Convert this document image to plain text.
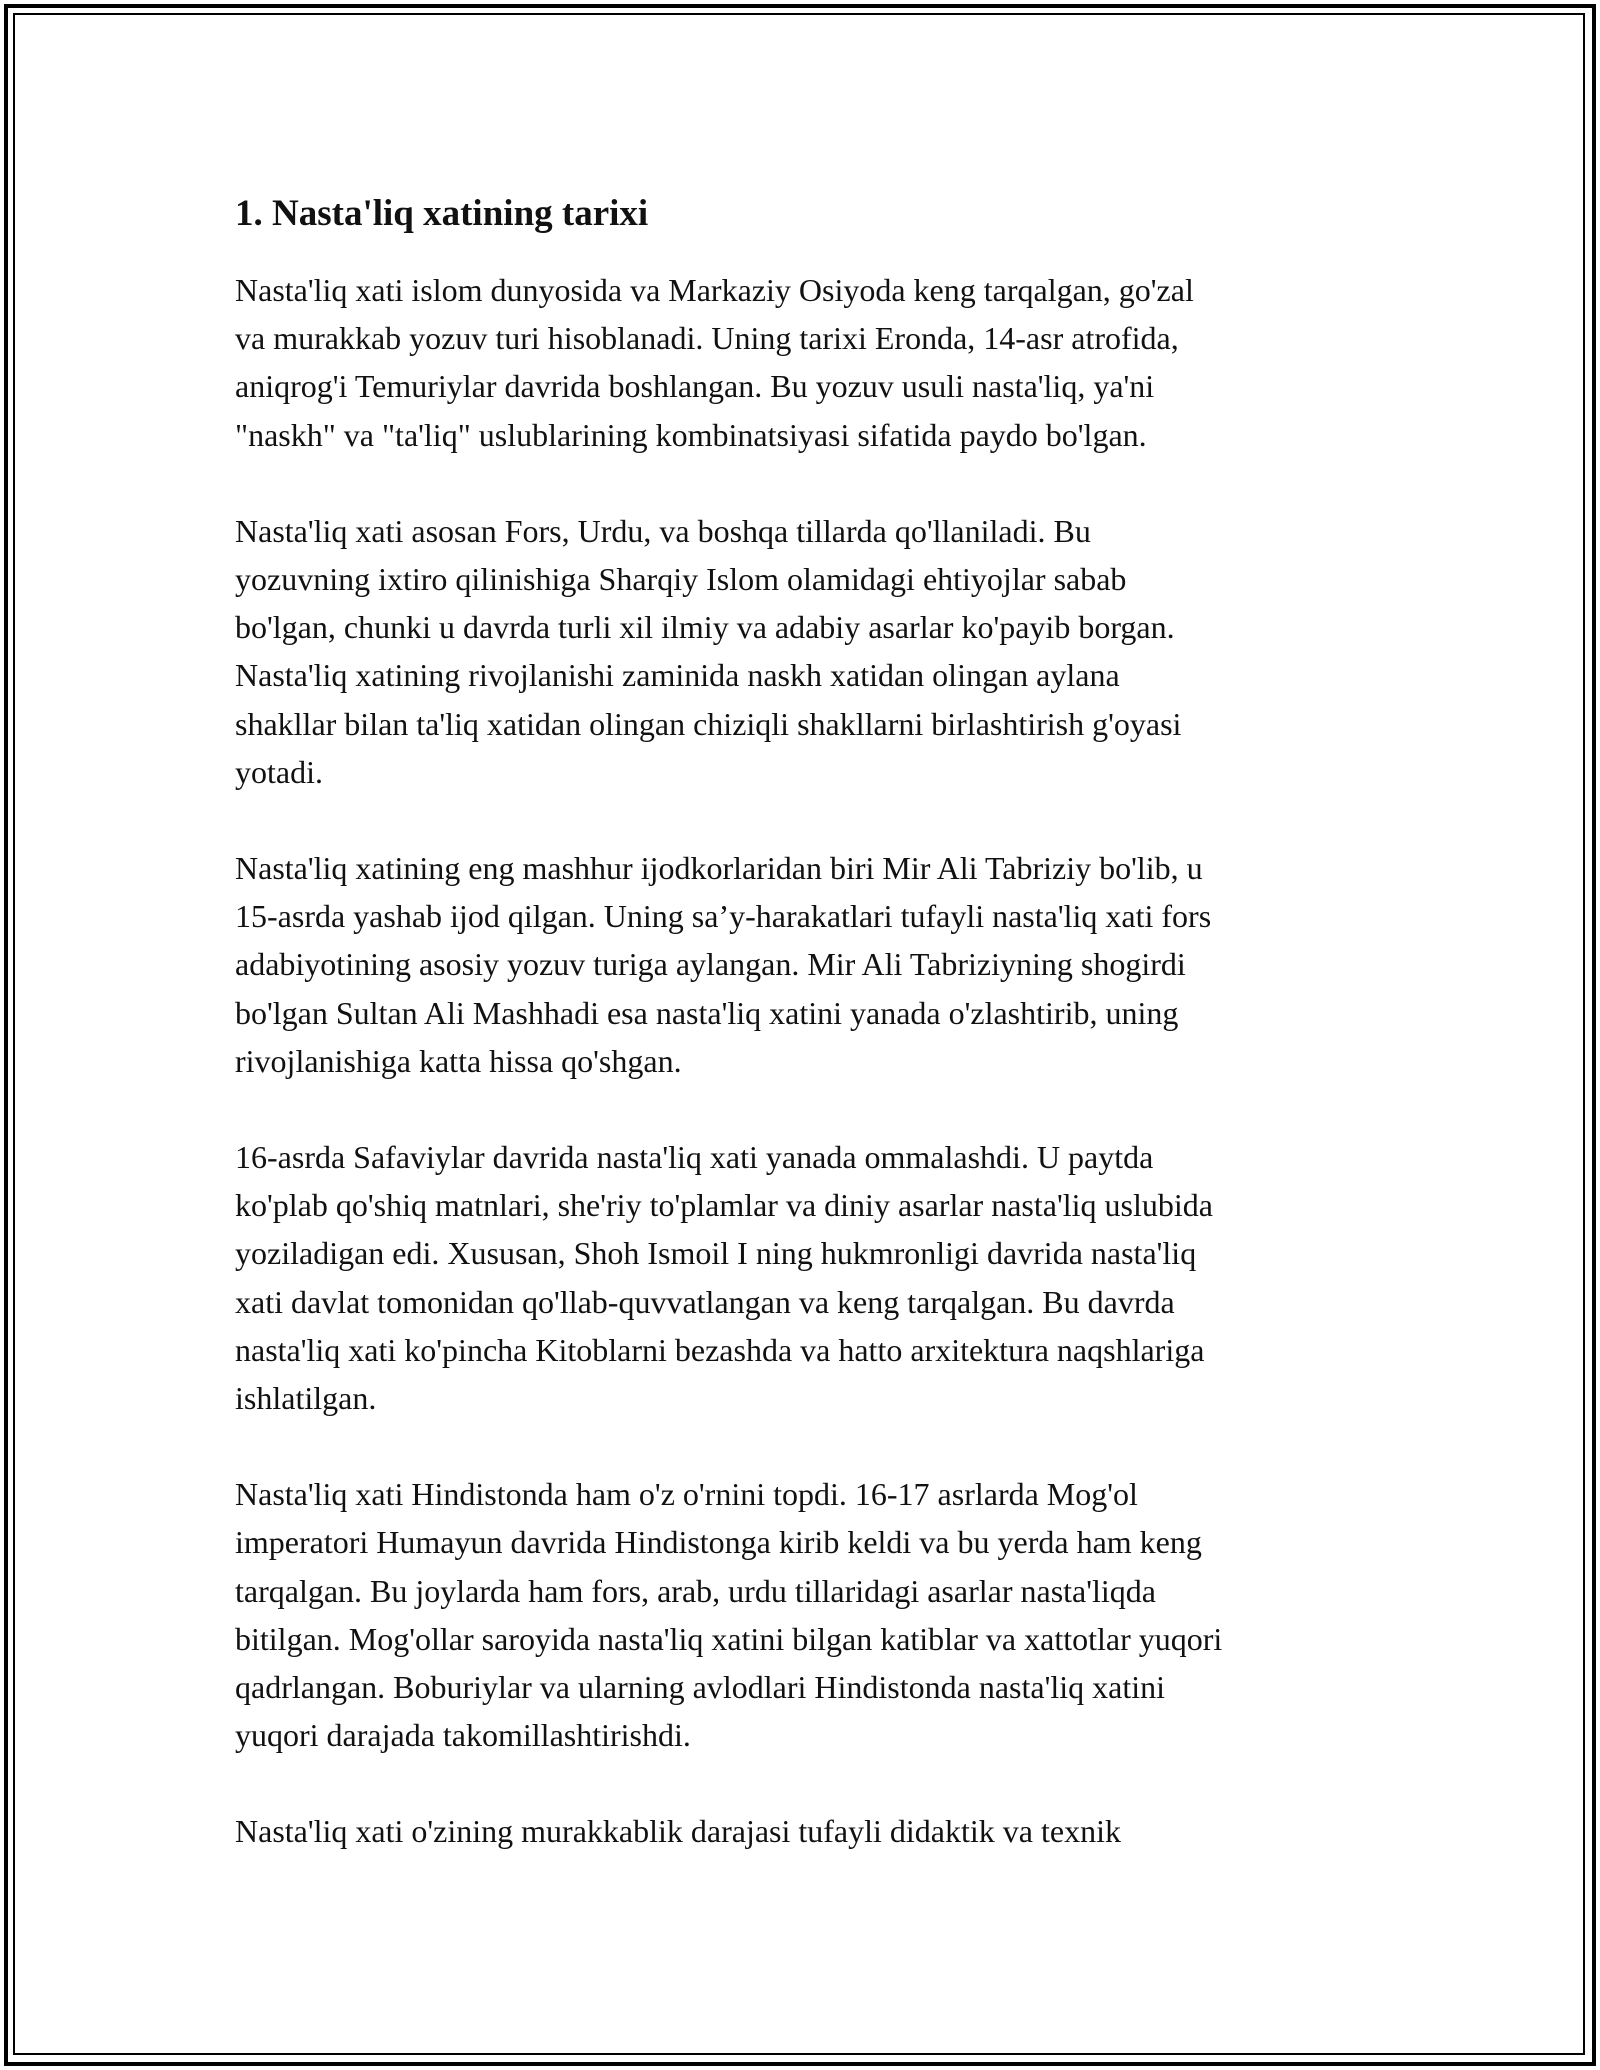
1. Nasta'liq xatining tarixi

Nasta'liq xati islom dunyosida va Markaziy Osiyoda keng tarqalgan, go'zal
va murakkab yozuv turi hisoblanadi. Uning tarixi Eronda, 14-asr atrofida,
aniqrog'i Temuriylar davrida boshlangan. Bu yozuv usuli nasta'liq, ya'ni
"naskh" va "ta'liq" uslublarining kombinatsiyasi sifatida paydo bo'lgan.

Nasta'liq xati asosan Fors, Urdu, va boshqa tillarda qo'llaniladi. Bu
yozuvning ixtiro qilinishiga Sharqiy Islom olamidagi ehtiyojlar sabab
bo'lgan, chunki u davrda turli xil ilmiy va adabiy asarlar ko'payib borgan.
Nasta'liq xatining rivojlanishi zaminida naskh xatidan olingan aylana
shakllar bilan ta'liq xatidan olingan chiziqli shakllarni birlashtirish g'oyasi
yotadi.

Nasta'liq xatining eng mashhur ijodkorlaridan biri Mir Ali Tabriziy bo'lib, u
15-asrda yashab ijod qilgan. Uning sa’y-harakatlari tufayli nasta'liq xati fors
adabiyotining asosiy yozuv turiga aylangan. Mir Ali Tabriziyning shogirdi
bo'lgan Sultan Ali Mashhadi esa nasta'liq xatini yanada o'zlashtirib, uning
rivojlanishiga katta hissa qo'shgan.

16-asrda Safaviylar davrida nasta'liq xati yanada ommalashdi. U paytda
ko'plab qo'shiq matnlari, she'riy to'plamlar va diniy asarlar nasta'liq uslubida
yoziladigan edi. Xususan, Shoh Ismoil I ning hukmronligi davrida nasta'liq
xati davlat tomonidan qo'llab-quvvatlangan va keng tarqalgan. Bu davrda
nasta'liq xati ko'pincha Kitoblarni bezashda va hatto arxitektura naqshlariga
ishlatilgan.

Nasta'liq xati Hindistonda ham o'z o'rnini topdi. 16-17 asrlarda Mog'ol
imperatori Humayun davrida Hindistonga kirib keldi va bu yerda ham keng
tarqalgan. Bu joylarda ham fors, arab, urdu tillaridagi asarlar nasta'liqda
bitilgan. Mog'ollar saroyida nasta'liq xatini bilgan katiblar va xattotlar yuqori
qadrlangan. Boburiylar va ularning avlodlari Hindistonda nasta'liq xatini
yuqori darajada takomillashtirishdi.

Nasta'liq xati o'zining murakkablik darajasi tufayli didaktik va texnik
